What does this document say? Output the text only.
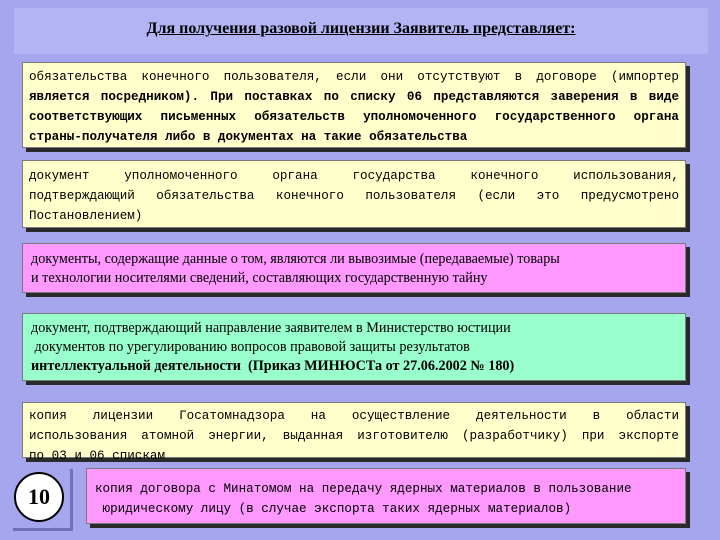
Для получения разовой лицензии Заявитель представляет:
обязательства конечного пользователя, если они отсутствуют в договоре (импортер
является посредником). При поставках по списку 06 представляются заверения в виде
соответствующих письменных обязательств уполномоченного государственного органа
страны-получателя либо в документах на такие обязательства
документ уполномоченного органа государства конечного использования,
подтверждающий обязательства конечного пользователя (если это предусмотрено
Постановлением)
документы, содержащие данные о том, являются ли вывозимые (передаваемые) товары
и технологии носителями сведений, составляющих государственную тайну
документ, подтверждающий направление заявителем в Министерство юстиции
документов по урегулированию вопросов правовой защиты результатов
интеллектуальной деятельности  (Приказ МИНЮСТа от 27.06.2002 № 180)
копия лицензии Госатомнадзора на осуществление деятельности в области
использования атомной энергии, выданная изготовителю (разработчику) при экспорте
по 03 и 06 спискам
10	копия договора с Минатомом на передачу ядерных материалов в пользование
юридическому лицу (в случае экспорта таких ядерных материалов)
